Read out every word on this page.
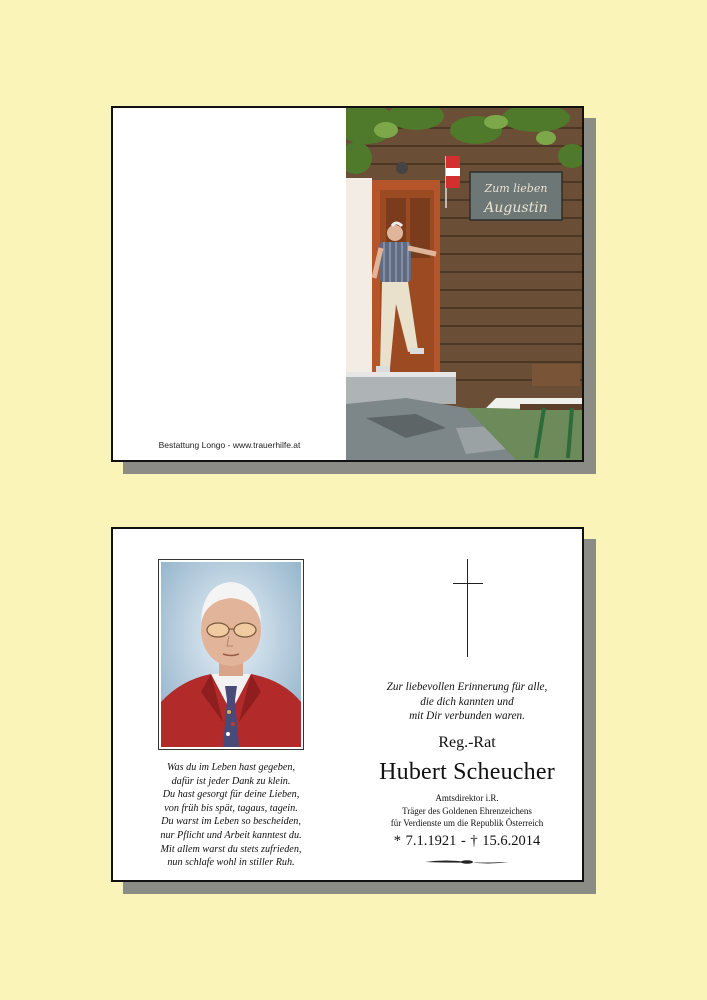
Bestattung Longo - www.trauerhilfe.at
Zum lieben
Augustin
Was du im Leben hast gegeben,
dafür ist jeder Dank zu klein.
Du hast gesorgt für deine Lieben,
von früh bis spät, tagaus, tagein.
Du warst im Leben so bescheiden,
nur Pflicht und Arbeit kanntest du.
Mit allem warst du stets zufrieden,
nun schlafe wohl in stiller Ruh.
Zur liebevollen Erinnerung für alle,
die dich kannten und
mit Dir verbunden waren.
Reg.-Rat
Hubert Scheucher
Amtsdirektor i.R.
Träger des Goldenen Ehrenzeichens
für Verdienste um die Republik Österreich
* 7.1.1921 - † 15.6.2014
